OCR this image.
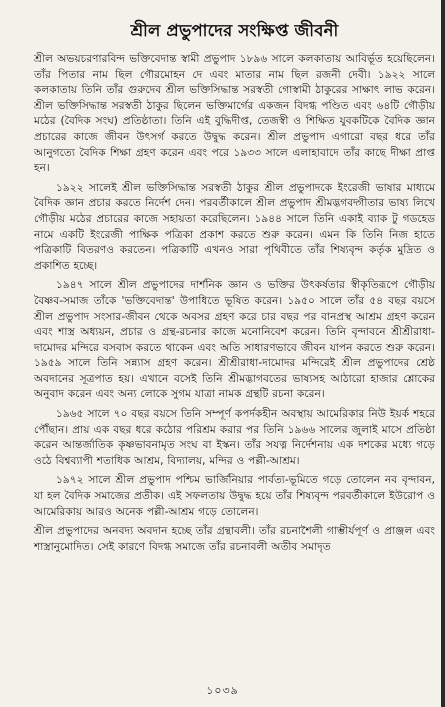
শ্রীল প্রভুপাদের সংক্ষিপ্ত জীবনী

শ্রীল অভয়চরণারবিন্দ ভক্তিবেদান্ত স্বামী প্রভুপাদ ১৮৯৬ সালে কলকাতায় আবির্ভূত হয়েছিলেন। তাঁর পিতার নাম ছিল গৌরমোহন দে এবং মাতার নাম ছিল রজনী দেবী। ১৯২২ সালে কলকাতায় তিনি তাঁর গুরুদেব শ্রীল ভক্তিসিদ্ধান্ত সরস্বতী গোস্বামী ঠাকুরের সাক্ষাৎ লাভ করেন। শ্রীল ভক্তিসিদ্ধান্ত সরস্বতী ঠাকুর ছিলেন ভক্তিমার্গের একজন বিদগ্ধ পণ্ডিত এবং ৬৪টি গৌড়ীয় মঠের (বৈদিক সংঘ) প্রতিষ্ঠাতা। তিনি এই বুদ্ধিদীপ্ত, তেজস্বী ও শিক্ষিত যুবকটিকে বৈদিক জ্ঞান প্রচারের কাজে জীবন উৎসর্গ করতে উদ্বুদ্ধ করেন। শ্রীল প্রভুপাদ এগারো বছর ধরে তাঁর আনুগত্যে বৈদিক শিক্ষা গ্রহণ করেন এবং পরে ১৯৩৩ সালে এলাহাবাদে তাঁর কাছে দীক্ষা প্রাপ্ত হন।

১৯২২ সালেই শ্রীল ভক্তিসিদ্ধান্ত সরস্বতী ঠাকুর শ্রীল প্রভুপাদকে ইংরেজী ভাষার মাধ্যমে বৈদিক জ্ঞান প্রচার করতে নির্দেশ দেন। পরবর্তীকালে শ্রীল প্রভুপাদ শ্রীমদ্ভগবদ্গীতার ভাষ্য লিখে গৌড়ীয় মঠের প্রচারের কাজে সহায়তা করেছিলেন। ১৯৪৪ সালে তিনি একাই ব্যাক টু গডহেড নামে একটি ইংরেজী পাক্ষিক পত্রিকা প্রকাশ করতে শুরু করেন। এমন কি তিনি নিজ হাতে পত্রিকাটি বিতরণও করতেন। পত্রিকাটি এখনও সারা পৃথিবীতে তাঁর শিষ্যবৃন্দ কর্তৃক মুদ্রিত ও প্রকাশিত হচ্ছে।

১৯৪৭ সালে শ্রীল প্রভুপাদের দার্শনিক জ্ঞান ও ভক্তির উৎকর্ষতার স্বীকৃতিরূপে গৌড়ীয় বৈষ্ণব-সমাজ তাঁকে 'ভক্তিবেদান্ত' উপাধিতে ভূষিত করেন। ১৯৫০ সালে তাঁর ৫৪ বছর বয়সে শ্রীল প্রভুপাদ সংসার-জীবন থেকে অবসর গ্রহণ করে চার বছর পর বানপ্রস্থ আশ্রম গ্রহণ করেন এবং শাস্ত্র অধ্যয়ন, প্রচার ও গ্রন্থ-রচনার কাজে মনোনিবেশ করেন। তিনি বৃন্দাবনে শ্রীশ্রীরাধা-দামোদর মন্দিরে বসবাস করতে থাকেন এবং অতি সাধারণভাবে জীবন যাপন করতে শুরু করেন। ১৯৫৯ সালে তিনি সন্ন্যাস গ্রহণ করেন। শ্রীশ্রীরাধা-দামোদর মন্দিরেই শ্রীল প্রভুপাদের শ্রেষ্ঠ অবদানের সূত্রপাত হয়। এখানে বসেই তিনি শ্রীমদ্ভাগবতের ভাষ্যসহ আঠারো হাজার শ্লোকের অনুবাদ করেন এবং অন্য লোকে সুগম যাত্রা নামক গ্রন্থটি রচনা করেন।

১৯৬৫ সালে ৭০ বছর বয়সে তিনি সম্পূর্ণ কপর্দকহীন অবস্থায় আমেরিকার নিউ ইয়র্ক শহরে পৌঁছান। প্রায় এক বছর ধরে কঠোর পরিশ্রম করার পর তিনি ১৯৬৬ সালের জুলাই মাসে প্রতিষ্ঠা করেন আন্তর্জাতিক কৃষ্ণভাবনামৃত সংঘ বা ইস্কন। তাঁর সযত্ন নির্দেশনায় এক দশকের মধ্যে গড়ে ওঠে বিশ্বব্যাপী শতাধিক আশ্রম, বিদ্যালয়, মন্দির ও পল্লী-আশ্রম।

১৯৭২ সালে শ্রীল প্রভুপাদ পশ্চিম ভার্জিনিয়ার পার্বত্য-ভূমিতে গড়ে তোলেন নব বৃন্দাবন, যা হল বৈদিক সমাজের প্রতীক। এই সফলতায় উদ্বুদ্ধ হয়ে তাঁর শিষ্যবৃন্দ পরবর্তীকালে ইউরোপ ও আমেরিকায় আরও অনেক পল্লী-আশ্রম গড়ে তোলেন।

শ্রীল প্রভুপাদের অনবদ্য অবদান হচ্ছে তাঁর গ্রন্থাবলী। তাঁর রচনাশৈলী গাম্ভীর্যপূর্ণ ও প্রাঞ্জল এবং শাস্ত্রানুমোদিত। সেই কারণে বিদগ্ধ সমাজে তাঁর রচনাবলী অতীব সমাদৃত

১০৩৯
